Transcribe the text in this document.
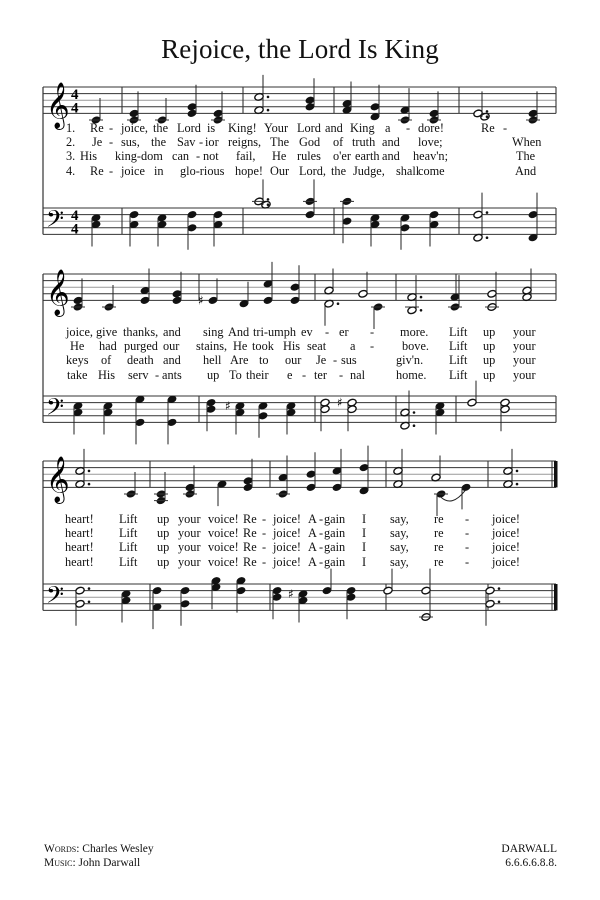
Rejoice, the Lord Is King
𝄞
𝄢
4
4
4
4
𝄞
𝄢
♯
♯	♯
𝄞
𝄢	♯
1. Re - joice, the Lord is King! Your Lord and King a - dore!	Re -
2. Je - sus, the Sav - ior reigns, The God of truth and love;	When
3. His king-dom can - not fail, He rules o'er earth and heav'n;	The
4. Re - joice in glo-rious hope! Our Lord, the Judge, shall
come	And
joice, give thanks, and sing And tri-umph ev - er - more. Lift up your
He had purged our stains, He took His seat a - bove. Lift up your
keys of death and hell Are to our Je - sus	giv'n. Lift up your
take His serv - ants up To their e - ter - nal	home. Lift up your
heart! Lift up your voice! Re - joice! A - gain I say, re - joice!
heart! Lift up your voice! Re - joice! A - gain I say, re - joice!
heart! Lift up your voice! Re - joice! A - gain I say, re - joice!
heart! Lift up your voice! Re - joice! A - gain I say, re - joice!
Words: Charles Wesley
Music: John Darwall
DARWALL
6.6.6.6.8.8.
